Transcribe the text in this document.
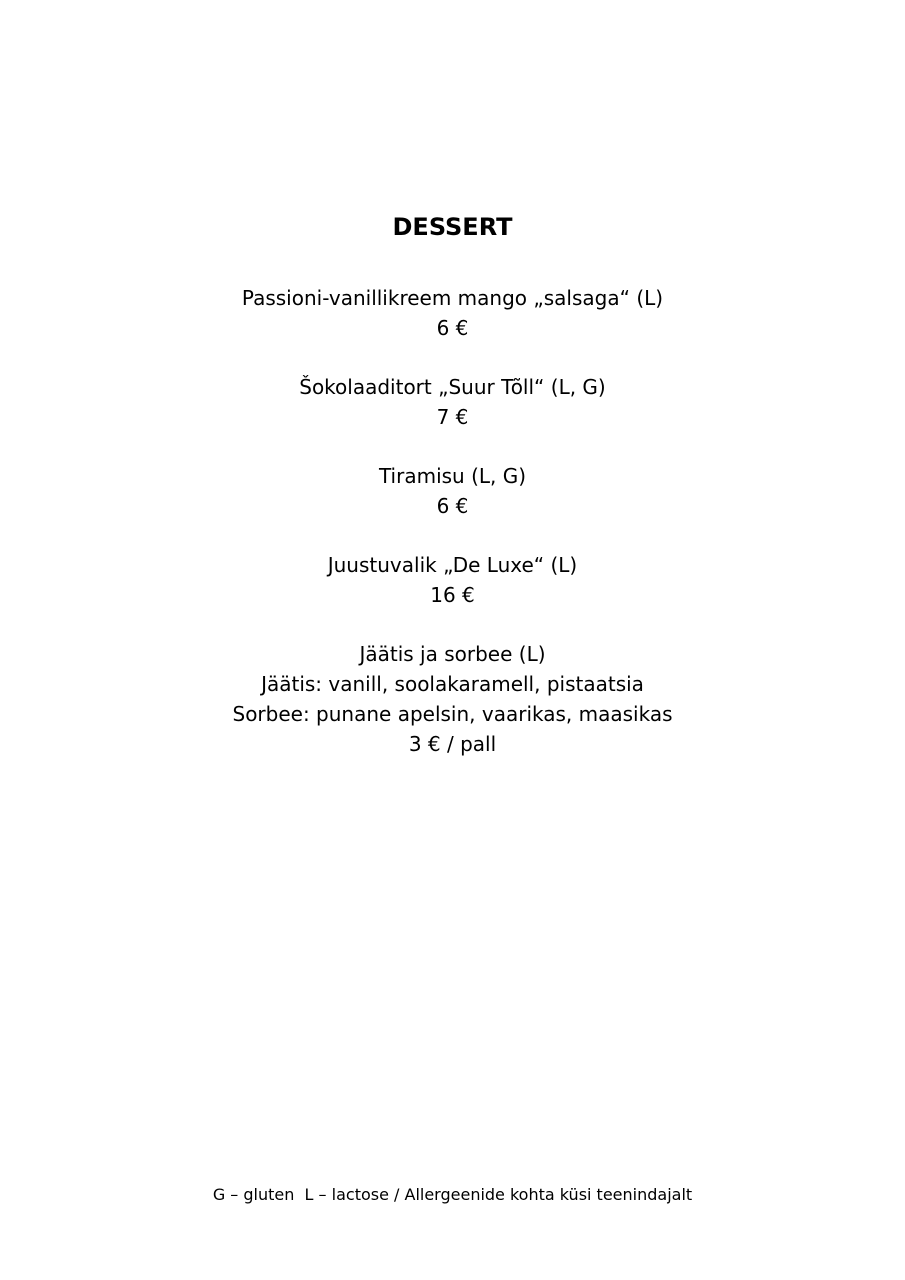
DESSERT
Passioni-vanillikreem mango „salsaga“ (L)
6 €
Šokolaaditort „Suur Tõll“ (L, G)
7 €
Tiramisu (L, G)
6 €
Juustuvalik „De Luxe“ (L)
16 €
Jäätis ja sorbee (L)
Jäätis: vanill, soolakaramell, pistaatsia
Sorbee: punane apelsin, vaarikas, maasikas
3 € / pall
G – gluten  L – lactose / Allergeenide kohta küsi teenindajalt
